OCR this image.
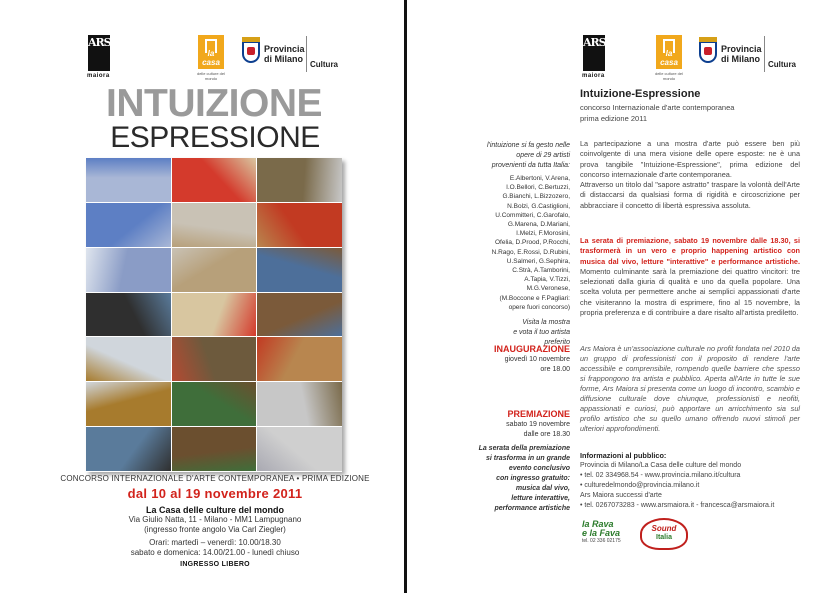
ARS
maiora
la casa
delle culture del mondo
Provincia di Milano
Cultura
INTUIZIONE
ESPRESSIONE
CONCORSO INTERNAZIONALE D'ARTE CONTEMPORANEA • PRIMA EDIZIONE
dal 10 al 19 novembre 2011
La Casa delle culture del mondo
Via Giulio Natta, 11 - Milano - MM1 Lampugnano
(ingresso fronte angolo Via Carl Ziegler)
Orari: martedì – venerdì: 10.00/18.30
sabato e domenica: 14.00/21.00 - lunedì chiuso
INGRESSO LIBERO
ARS
maiora
la casa
delle culture del mondo
Provincia di Milano
Cultura
Intuizione-Espressione
concorso Internazionale d'arte contemporanea
prima edizione 2011
l'intuizione si fa gesto nelle
opere di 29 artisti
provenienti da tutta Italia:
E.Albertoni, V.Arena,
I.O.Bellori, C.Bertuzzi,
G.Bianchi, L.Bizzozero,
N.Bolzi, G.Castiglioni,
U.Committeri, C.Garofalo,
G.Marena, D.Mariani,
I.Melzi, F.Morosini,
Ofelia, D.Prood, P.Rocchi,
N.Rago, E.Rossi, D.Rubini,
U.Salmeri, G.Sephira,
C.Strà, A.Tamborini,
A.Tapia, V.Tizzi,
M.G.Veronese,
(M.Boccone e F.Pagliari:
opere fuori concorso)
Visita la mostra
e vota il tuo artista
preferito
INAUGURAZIONE
giovedì 10 novembre
ore 18.00
PREMIAZIONE
sabato 19 novembre
dalle ore 18.30
La serata della premiazione
si trasforma in un grande
evento conclusivo
con ingresso gratuito:
musica dal vivo,
letture interattive,
performance artistiche
La partecipazione a una mostra d'arte può essere ben più coinvolgente di una mera visione delle opere esposte: ne è una prova tangibile "Intuizione-Espressione", prima edizione del concorso internazionale d'arte contemporanea.
Attraverso un titolo dal "sapore astratto" traspare la volontà dell'Arte di distaccarsi da qualsiasi forma di rigidità e circoscrizione per abbracciare il concetto di libertà espressiva assoluta.
La serata di premiazione, sabato 19 novembre dalle 18.30, si trasformerà in un vero e proprio happening artistico con musica dal vivo, letture "interattive" e performance artistiche. Momento culminante sarà la premiazione dei quattro vincitori: tre selezionati dalla giuria di qualità e uno da quella popolare. Una scelta voluta per permettere anche ai semplici appassionati d'arte che visiteranno la mostra di esprimere, fino al 15 novembre, la propria preferenza e di contribuire a dare risalto all'artista prediletto.
Ars Maiora è un'associazione culturale no profit fondata nel 2010 da un gruppo di professionisti con il proposito di rendere l'arte accessibile e comprensibile, rompendo quelle barriere che spesso si frappongono tra artista e pubblico. Aperta all'Arte in tutte le sue forme, Ars Maiora si presenta come un luogo di incontro, scambio e diffusione culturale dove chiunque, professionisti e neofiti, appassionati e curiosi, può apportare un arricchimento sia sul profilo artistico che su quello umano offrendo nuovi stimoli per ulteriori approfondimenti.
Informazioni al pubblico:
Provincia di Milano/La Casa delle culture del mondo
• tel. 02 334968.54 - www.provincia.milano.it/cultura
• culturedelmondo@provincia.milano.it
Ars Maiora successi d'arte
• tel. 0267073283 - www.arsmaiora.it - francesca@arsmaiora.it
la Rava
e la Fava
tel. 02 336 02175
Sound
Italia
